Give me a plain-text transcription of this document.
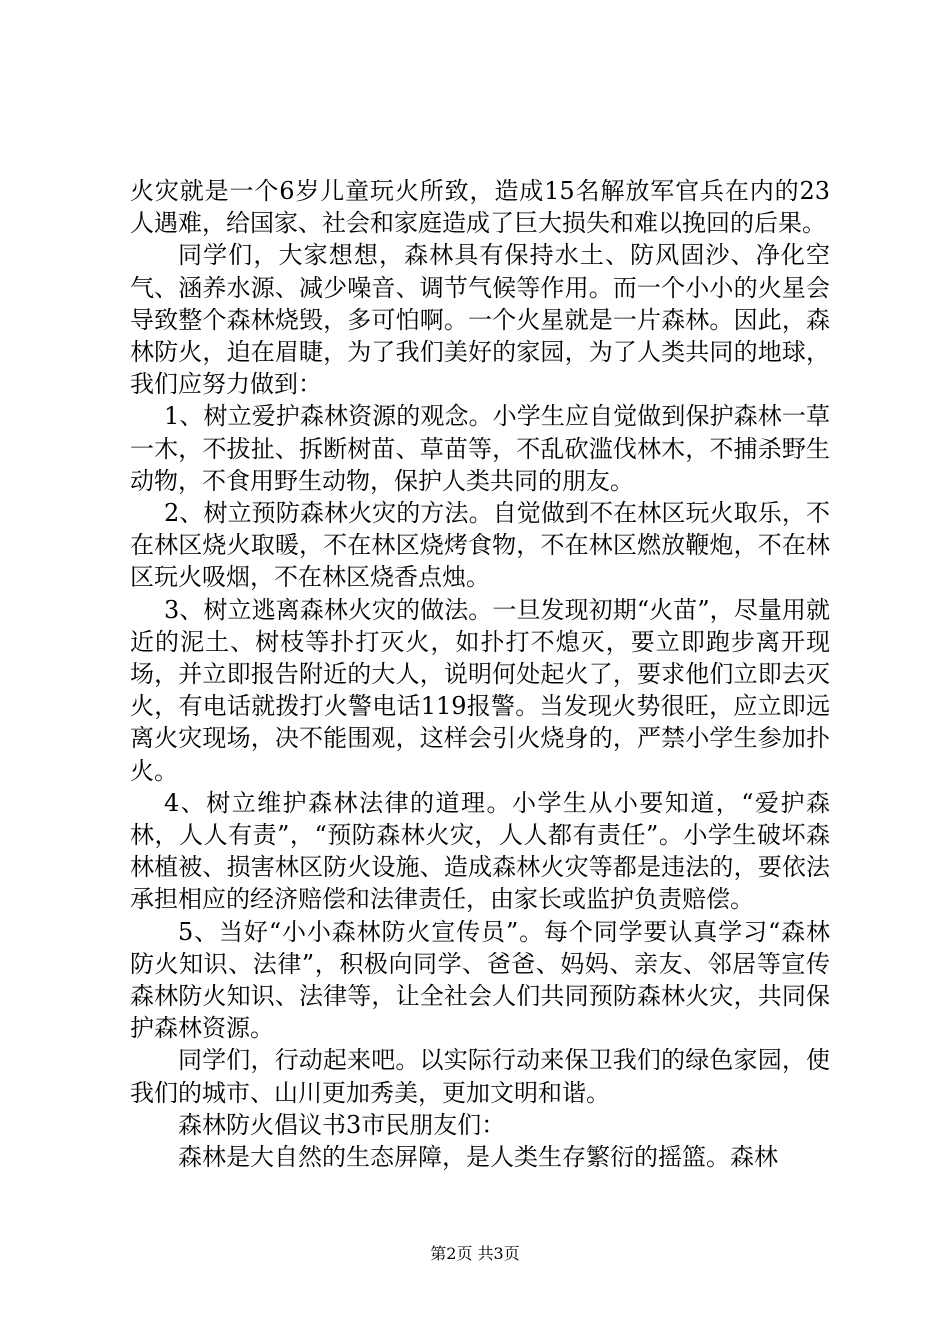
火灾就是一个6岁儿童玩火所致，造成15名解放军官兵在内的23人遇难，给国家、社会和家庭造成了巨大损失和难以挽回的后果。

同学们，大家想想，森林具有保持水土、防风固沙、净化空气、涵养水源、减少噪音、调节气候等作用。而一个小小的火星会导致整个森林烧毁，多可怕啊。一个火星就是一片森林。因此，森林防火，迫在眉睫，为了我们美好的家园，为了人类共同的地球，我们应努力做到：

1、树立爱护森林资源的观念。小学生应自觉做到保护森林一草一木，不拔扯、拆断树苗、草苗等，不乱砍滥伐林木，不捕杀野生动物，不食用野生动物，保护人类共同的朋友。

2、树立预防森林火灾的方法。自觉做到不在林区玩火取乐，不在林区烧火取暖，不在林区烧烤食物，不在林区燃放鞭炮，不在林区玩火吸烟，不在林区烧香点烛。

3、树立逃离森林火灾的做法。一旦发现初期“火苗”，尽量用就近的泥土、树枝等扑打灭火，如扑打不熄灭，要立即跑步离开现场，并立即报告附近的大人，说明何处起火了，要求他们立即去灭火，有电话就拨打火警电话119报警。当发现火势很旺，应立即远离火灾现场，决不能围观，这样会引火烧身的，严禁小学生参加扑火。

4、树立维护森林法律的道理。小学生从小要知道，“爱护森林，人人有责”，“预防森林火灾，人人都有责任”。小学生破坏森林植被、损害林区防火设施、造成森林火灾等都是违法的，要依法承担相应的经济赔偿和法律责任，由家长或监护负责赔偿。

5、当好“小小森林防火宣传员”。每个同学要认真学习“森林防火知识、法律”，积极向同学、爸爸、妈妈、亲友、邻居等宣传森林防火知识、法律等，让全社会人们共同预防森林火灾，共同保护森林资源。

同学们，行动起来吧。以实际行动来保卫我们的绿色家园，使我们的城市、山川更加秀美，更加文明和谐。

森林防火倡议书3市民朋友们：

森林是大自然的生态屏障，是人类生存繁衍的摇篮。森林

第2页 共3页
